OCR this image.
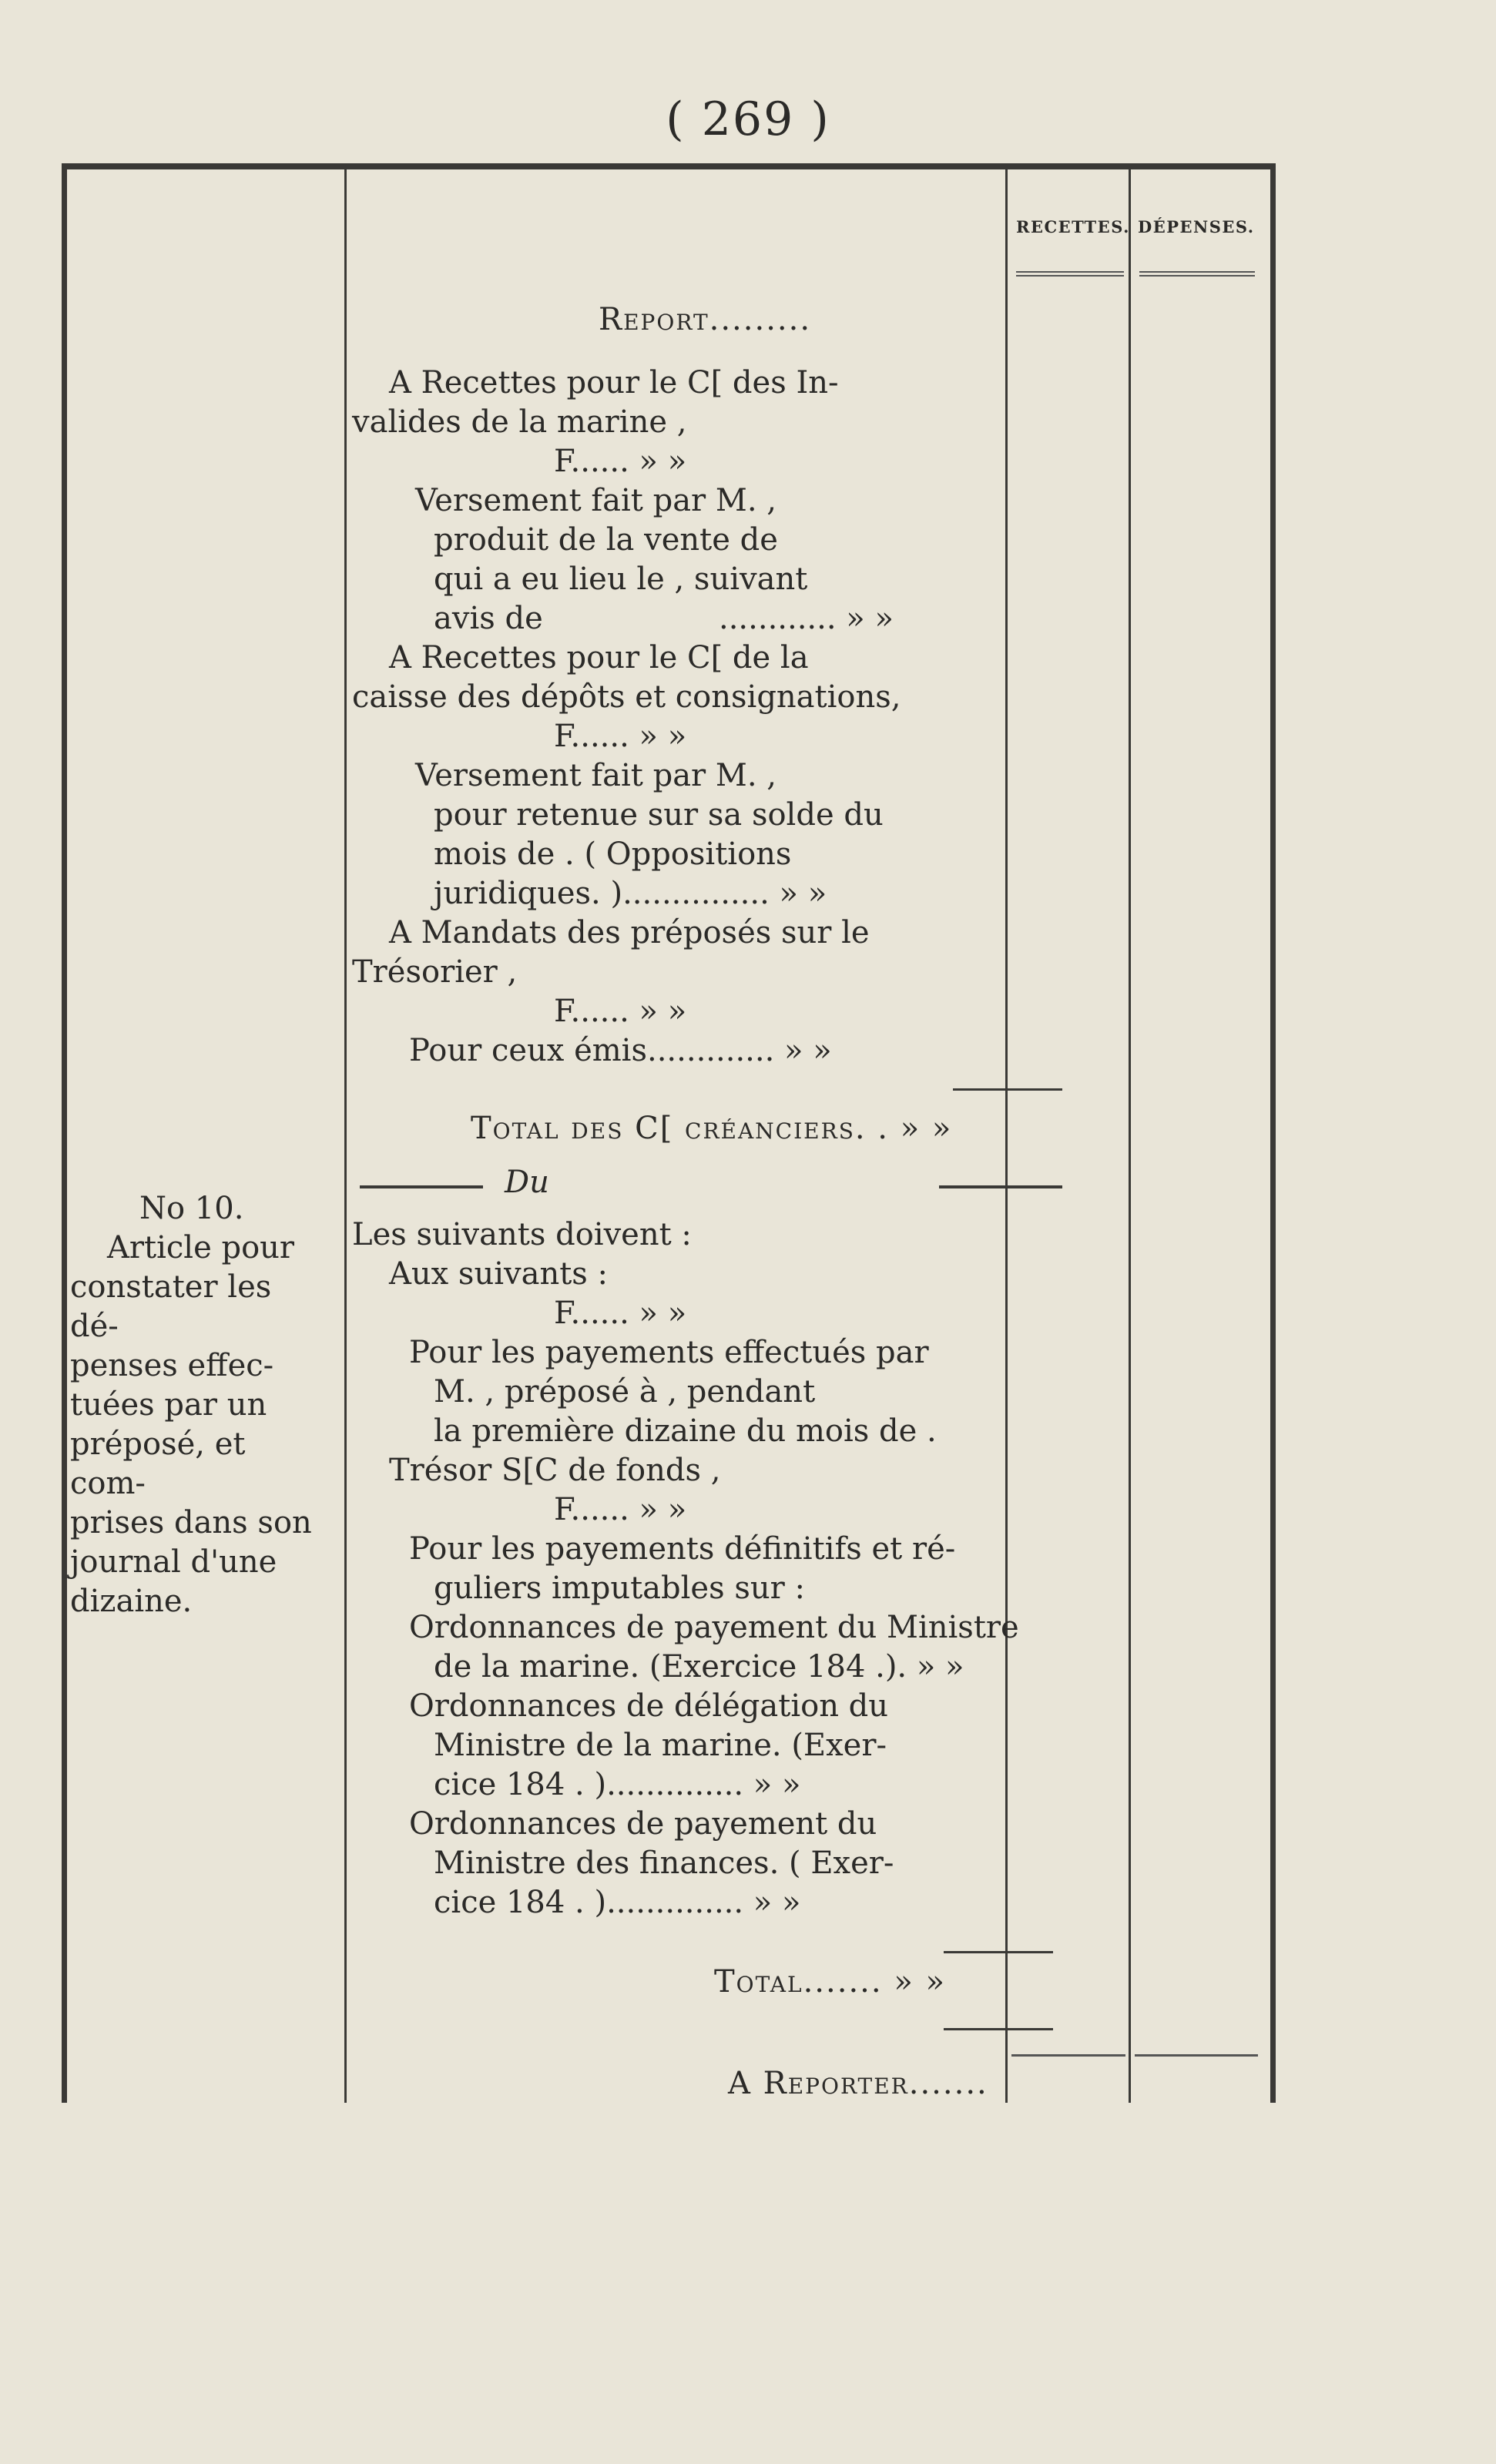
( 269 )
RECETTES. DÉPENSES.
No 10.
Article pour
constater les dé-
penses effec-
tuées par un
préposé, et com-
prises dans son
journal d'une
dizaine.
Report.........
A Recettes pour le C[ des In-
valides de la marine ,
F...... » »
Versement fait par M. ,
produit de la vente de
qui a eu lieu le , suivant
avis de	............ » »
A Recettes pour le C[ de la
caisse des dépôts et consignations,
F...... » »
Versement fait par M. ,
pour retenue sur sa solde du
mois de . ( Oppositions
juridiques. )............... » »
A Mandats des préposés sur le
Trésorier ,
F...... » »
Pour ceux émis............. » »
Total des C[ créanciers. . » »
Du
Les suivants doivent :
Aux suivants :
F...... » »
Pour les payements effectués par
M. , préposé à , pendant
la première dizaine du mois de .
Trésor S[C de fonds ,
F...... » »
Pour les payements définitifs et ré-
guliers imputables sur :
Ordonnances de payement du Ministre
de la marine. (Exercice 184 .). » »
Ordonnances de délégation du
Ministre de la marine. (Exer-
cice 184 . ).............. » »
Ordonnances de payement du
Ministre des finances. ( Exer-
cice 184 . ).............. » »
Total....... » »
A Reporter.......
